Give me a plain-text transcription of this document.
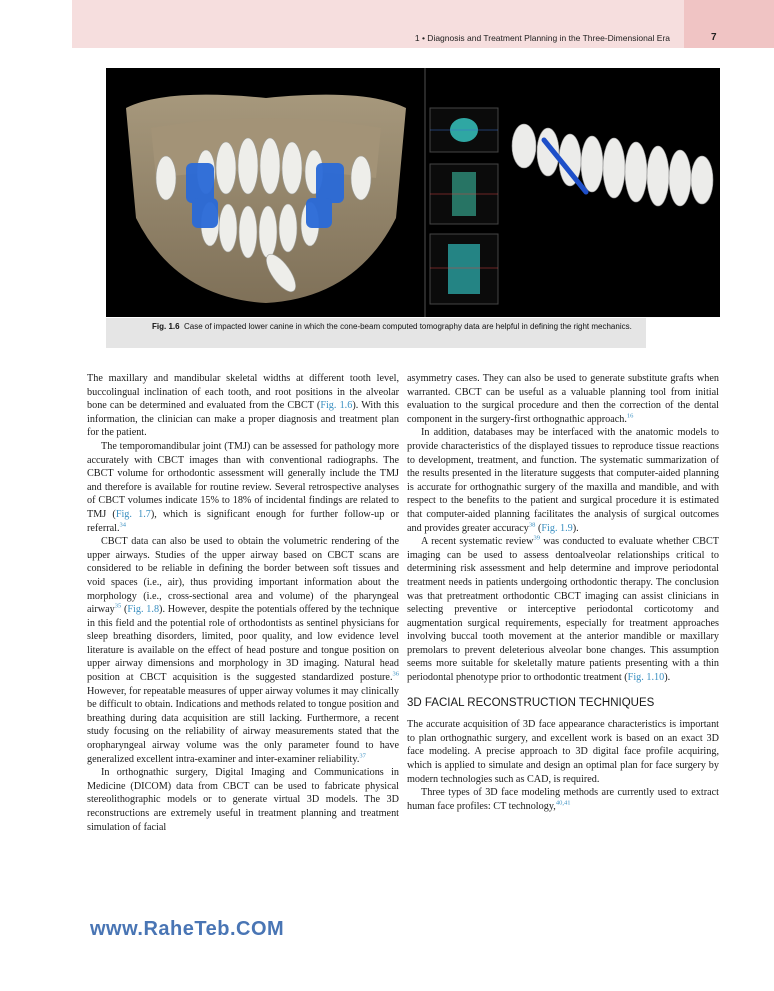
1 • Diagnosis and Treatment Planning in the Three-Dimensional Era	7
Fig. 1.6 Case of impacted lower canine in which the cone-beam computed tomography data are helpful in defining the right mechanics.

The maxillary and mandibular skeletal widths at different tooth level, buccolingual inclination of each tooth, and root positions in the alveolar bone can be determined and evaluated from the CBCT (Fig. 1.6). With this information, the clinician can make a proper diagnosis and treatment plan for the patient.

The temporomandibular joint (TMJ) can be assessed for pathology more accurately with CBCT images than with conventional radiographs. The CBCT volume for orthodontic assessment will generally include the TMJ and therefore is available for routine review. Several retrospective analyses of CBCT volumes indicate 15% to 18% of incidental findings are related to TMJ (Fig. 1.7), which is significant enough for further follow-up or referral.$^{34}$

CBCT data can also be used to obtain the volumetric rendering of the upper airways. Studies of the upper airway based on CBCT scans are considered to be reliable in defining the border between soft tissues and void spaces (i.e., air), thus providing important information about the morphology (i.e., cross-sectional area and volume) of the pharyngeal airway$^{35}$ (Fig. 1.8). However, despite the potentials offered by the technique in this field and the potential role of orthodontists as sentinel physicians for sleep breathing disorders, limited, poor quality, and low evidence level literature is available on the effect of head posture and tongue position on upper airway dimensions and morphology in 3D imaging. Natural head position at CBCT acquisition is the suggested standardized posture.$^{36}$ However, for repeatable measures of upper airway volumes it may clinically be difficult to obtain. Indications and methods related to tongue position and breathing during data acquisition are still lacking. Furthermore, a recent study focusing on the reliability of airway measurements stated that the oropharyngeal airway volume was the only parameter found to have generalized excellent intra-examiner and inter-examiner reliability.$^{37}$

In orthognathic surgery, Digital Imaging and Communications in Medicine (DICOM) data from CBCT can be used to fabricate physical stereolithographic models or to generate virtual 3D models. The 3D reconstructions are extremely useful in treatment planning and treatment simulation of facial

asymmetry cases. They can also be used to generate substitute grafts when warranted. CBCT can be useful as a valuable planning tool from initial evaluation to the surgical procedure and then the correction of the dental component in the surgery-first orthognathic approach.$^{16}$

In addition, databases may be interfaced with the anatomic models to provide characteristics of the displayed tissues to reproduce tissue reactions to development, treatment, and function. The systematic summarization of the results presented in the literature suggests that computer-aided planning is accurate for orthognathic surgery of the maxilla and mandible, and with respect to the benefits to the patient and surgical procedure it is estimated that computer-aided planning facilitates the analysis of surgical outcomes and provides greater accuracy$^{38}$ (Fig. 1.9).

A recent systematic review$^{39}$ was conducted to evaluate whether CBCT imaging can be used to assess dentoalveolar relationships critical to determining risk assessment and help determine and improve periodontal treatment needs in patients undergoing orthodontic therapy. The conclusion was that pretreatment orthodontic CBCT imaging can assist clinicians in selecting preventive or interceptive periodontal corticotomy and augmentation surgical requirements, especially for treatment approaches involving buccal tooth movement at the anterior mandible or maxillary premolars to prevent deleterious alveolar bone changes. This assumption seems more suitable for skeletally mature patients presenting with a thin periodontal phenotype prior to orthodontic treatment (Fig. 1.10).

3D FACIAL RECONSTRUCTION TECHNIQUES

The accurate acquisition of 3D face appearance characteristics is important to plan orthognathic surgery, and excellent work is based on an exact 3D face modeling. A precise approach to 3D digital face profile acquiring, which is applied to simulate and design an optimal plan for face surgery by modern technologies such as CAD, is required.

Three types of 3D face modeling methods are currently used to extract human face profiles: CT technology,$^{40,41}$

www.RaheTeb.COM
